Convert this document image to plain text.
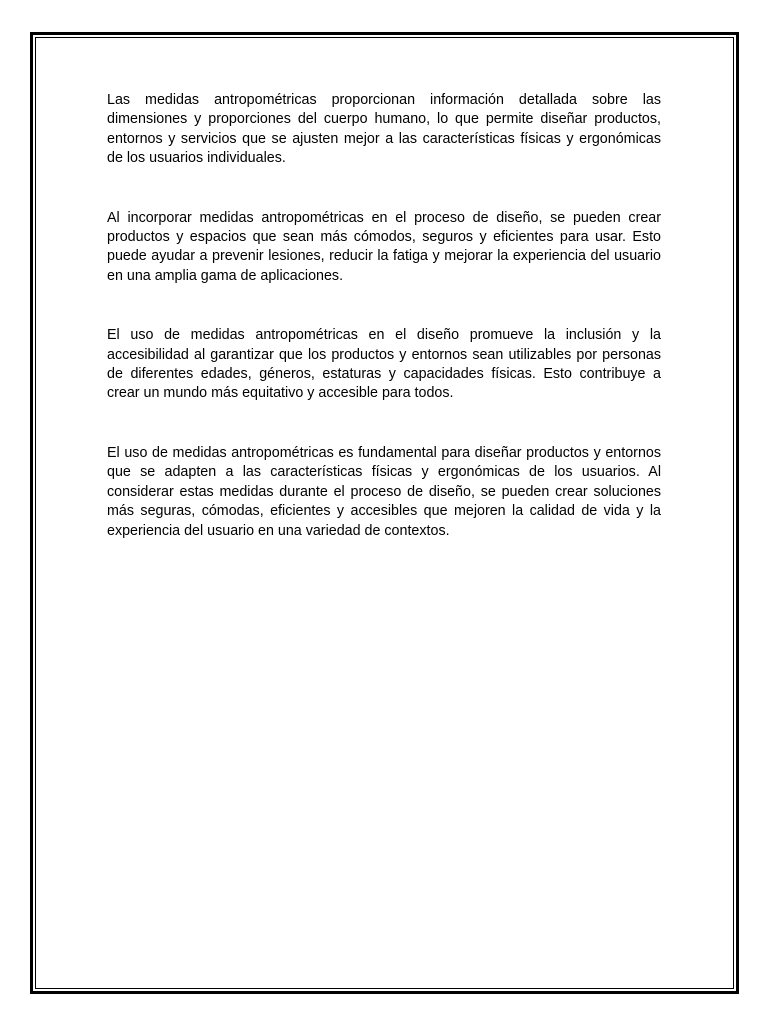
Las medidas antropométricas proporcionan información detallada sobre las dimensiones y proporciones del cuerpo humano, lo que permite diseñar productos, entornos y servicios que se ajusten mejor a las características físicas y ergonómicas de los usuarios individuales.

Al incorporar medidas antropométricas en el proceso de diseño, se pueden crear productos y espacios que sean más cómodos, seguros y eficientes para usar. Esto puede ayudar a prevenir lesiones, reducir la fatiga y mejorar la experiencia del usuario en una amplia gama de aplicaciones.

El uso de medidas antropométricas en el diseño promueve la inclusión y la accesibilidad al garantizar que los productos y entornos sean utilizables por personas de diferentes edades, géneros, estaturas y capacidades físicas. Esto contribuye a crear un mundo más equitativo y accesible para todos.

El uso de medidas antropométricas es fundamental para diseñar productos y entornos que se adapten a las características físicas y ergonómicas de los usuarios. Al considerar estas medidas durante el proceso de diseño, se pueden crear soluciones más seguras, cómodas, eficientes y accesibles que mejoren la calidad de vida y la experiencia del usuario en una variedad de contextos.
